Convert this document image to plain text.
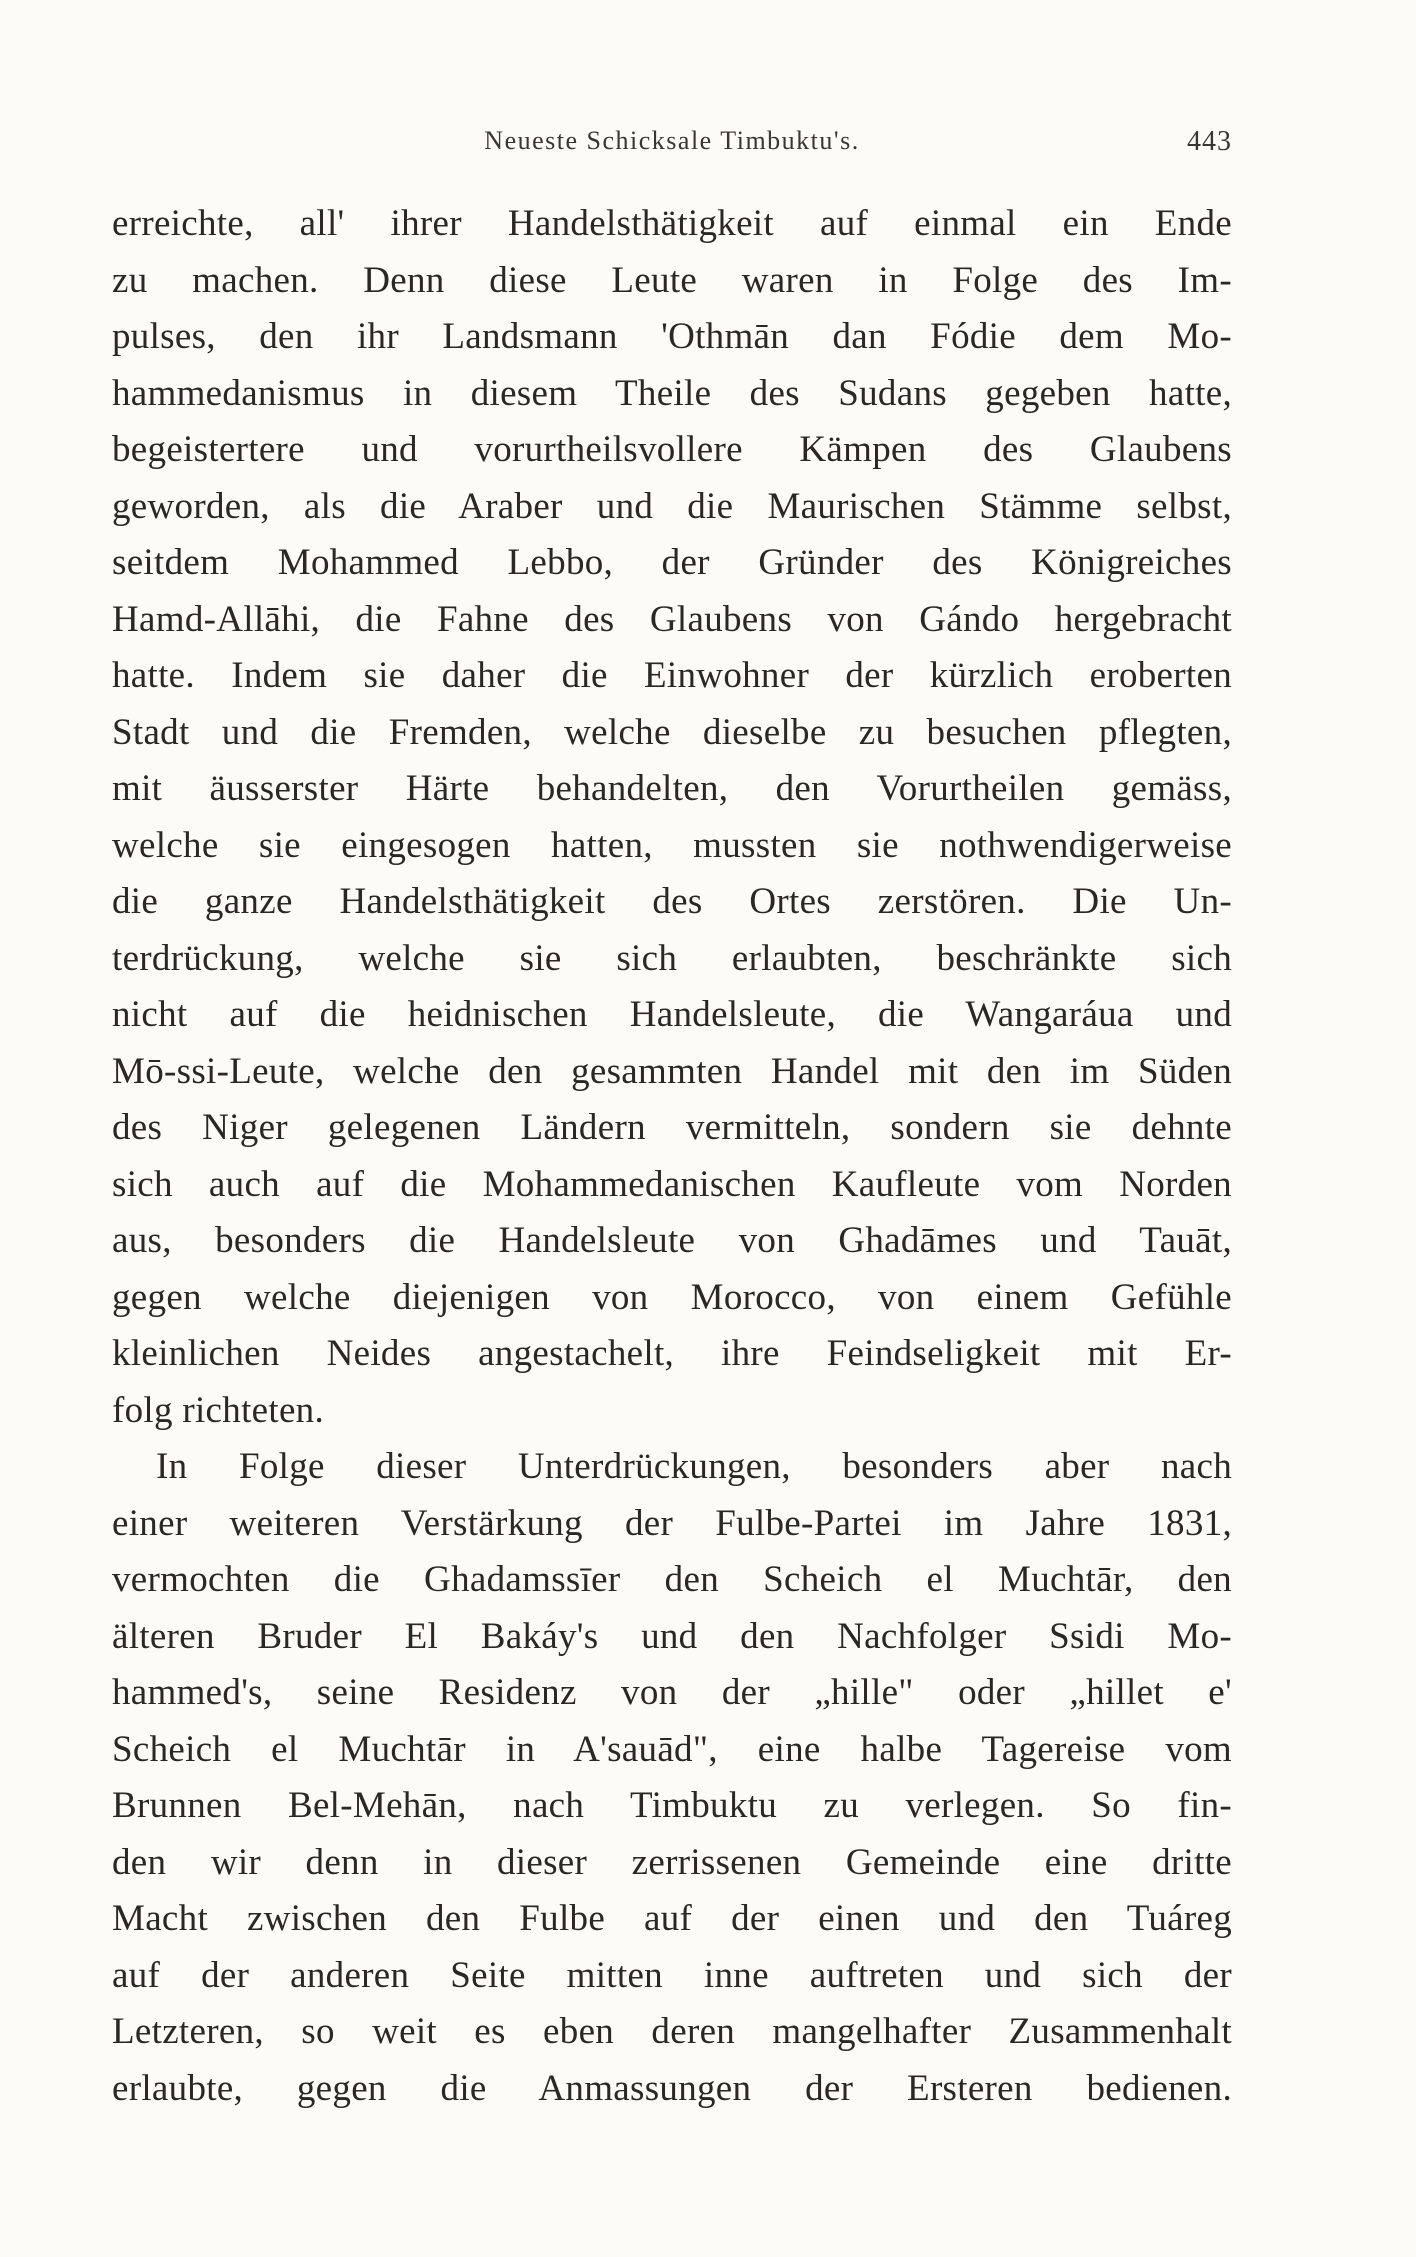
Neueste Schicksale Timbuktu's.	443
erreichte, all' ihrer Handelsthätigkeit auf einmal ein Ende
zu machen. Denn diese Leute waren in Folge des Im-
pulses, den ihr Landsmann 'Othmān dan Fódie dem Mo-
hammedanismus in diesem Theile des Sudans gegeben hatte,
begeistertere und vorurtheilsvollere Kämpen des Glaubens
geworden, als die Araber und die Maurischen Stämme selbst,
seitdem Mohammed Lebbo, der Gründer des Königreiches
Hamd-Allāhi, die Fahne des Glaubens von Gándo hergebracht
hatte. Indem sie daher die Einwohner der kürzlich eroberten
Stadt und die Fremden, welche dieselbe zu besuchen pflegten,
mit äusserster Härte behandelten, den Vorurtheilen gemäss,
welche sie eingesogen hatten, mussten sie nothwendigerweise
die ganze Handelsthätigkeit des Ortes zerstören. Die Un-
terdrückung, welche sie sich erlaubten, beschränkte sich
nicht auf die heidnischen Handelsleute, die Wangaráua und
Mō-ssi-Leute, welche den gesammten Handel mit den im Süden
des Niger gelegenen Ländern vermitteln, sondern sie dehnte
sich auch auf die Mohammedanischen Kaufleute vom Norden
aus, besonders die Handelsleute von Ghadāmes und Tauāt,
gegen welche diejenigen von Morocco, von einem Gefühle
kleinlichen Neides angestachelt, ihre Feindseligkeit mit Er-
folg richteten.
In Folge dieser Unterdrückungen, besonders aber nach
einer weiteren Verstärkung der Fulbe-Partei im Jahre 1831,
vermochten die Ghadamssīer den Scheich el Muchtār, den
älteren Bruder El Bakáy's und den Nachfolger Ssidi Mo-
hammed's, seine Residenz von der „hille" oder „hillet e'
Scheich el Muchtār in A'sauād", eine halbe Tagereise vom
Brunnen Bel-Mehān, nach Timbuktu zu verlegen. So fin-
den wir denn in dieser zerrissenen Gemeinde eine dritte
Macht zwischen den Fulbe auf der einen und den Tuáreg
auf der anderen Seite mitten inne auftreten und sich der
Letzteren, so weit es eben deren mangelhafter Zusammenhalt
erlaubte, gegen die Anmassungen der Ersteren bedienen.
